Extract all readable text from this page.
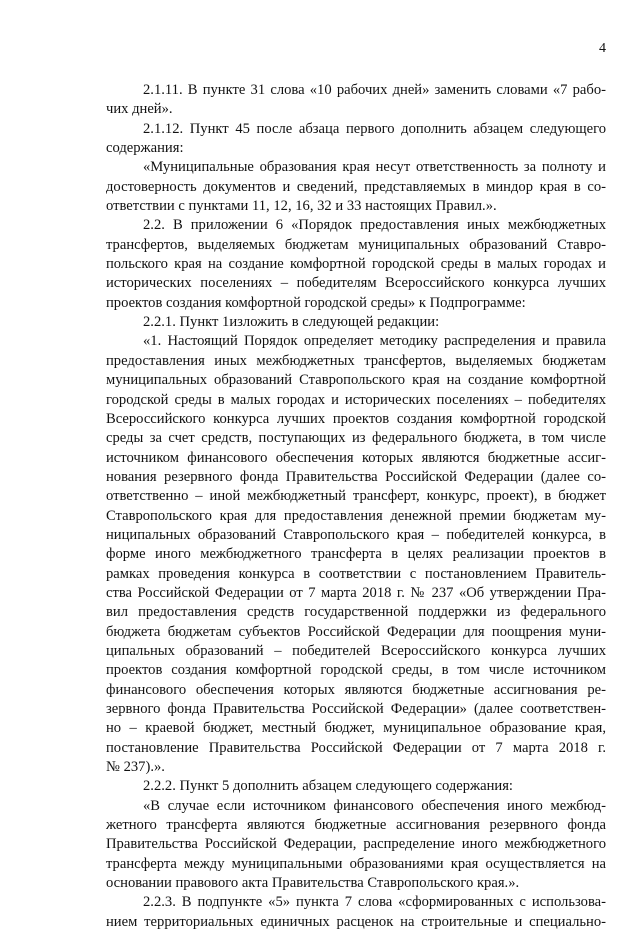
4
2.1.11. В пункте 31 слова «10 рабочих дней» заменить словами «7 рабо-
чих дней».
2.1.12. Пункт 45 после абзаца первого дополнить абзацем следующего
содержания:
«Муниципальные образования края несут ответственность за полноту и
достоверность документов и сведений, представляемых в миндор края в со-
ответствии с пунктами 11, 12, 16, 32 и 33 настоящих Правил.».
2.2. В приложении 6 «Порядок предоставления иных межбюджетных
трансфертов, выделяемых бюджетам муниципальных образований Ставро-
польского края на создание комфортной городской среды в малых городах и
исторических поселениях – победителям Всероссийского конкурса лучших
проектов создания комфортной городской среды» к Подпрограмме:
2.2.1. Пункт 1изложить в следующей редакции:
«1. Настоящий Порядок определяет методику распределения и правила
предоставления иных межбюджетных трансфертов, выделяемых бюджетам
муниципальных образований Ставропольского края на создание комфортной
городской среды в малых городах и исторических поселениях – победителях
Всероссийского конкурса лучших проектов создания комфортной городской
среды за счет средств, поступающих из федерального бюджета, в том числе
источником финансового обеспечения которых являются бюджетные ассиг-
нования резервного фонда Правительства Российской Федерации (далее со-
ответственно – иной межбюджетный трансферт, конкурс, проект), в бюджет
Ставропольского края для предоставления денежной премии бюджетам му-
ниципальных образований Ставропольского края – победителей конкурса, в
форме иного межбюджетного трансферта в целях реализации проектов в
рамках проведения конкурса в соответствии с постановлением Правитель-
ства Российской Федерации от 7 марта 2018 г. № 237 «Об утверждении Пра-
вил предоставления средств государственной поддержки из федерального
бюджета бюджетам субъектов Российской Федерации для поощрения муни-
ципальных образований – победителей Всероссийского конкурса лучших
проектов создания комфортной городской среды, в том числе источником
финансового обеспечения которых являются бюджетные ассигнования ре-
зервного фонда Правительства Российской Федерации» (далее соответствен-
но – краевой бюджет, местный бюджет, муниципальное образование края,
постановление Правительства Российской Федерации от 7 марта 2018 г.
№ 237).».
2.2.2. Пункт 5 дополнить абзацем следующего содержания:
«В случае если источником финансового обеспечения иного межбюд-
жетного трансферта являются бюджетные ассигнования резервного фонда
Правительства Российской Федерации, распределение иного межбюджетного
трансферта между муниципальными образованиями края осуществляется на
основании правового акта Правительства Ставропольского края.».
2.2.3. В подпункте «5» пункта 7 слова «сформированных с использова-
нием территориальных единичных расценок на строительные и специально-
